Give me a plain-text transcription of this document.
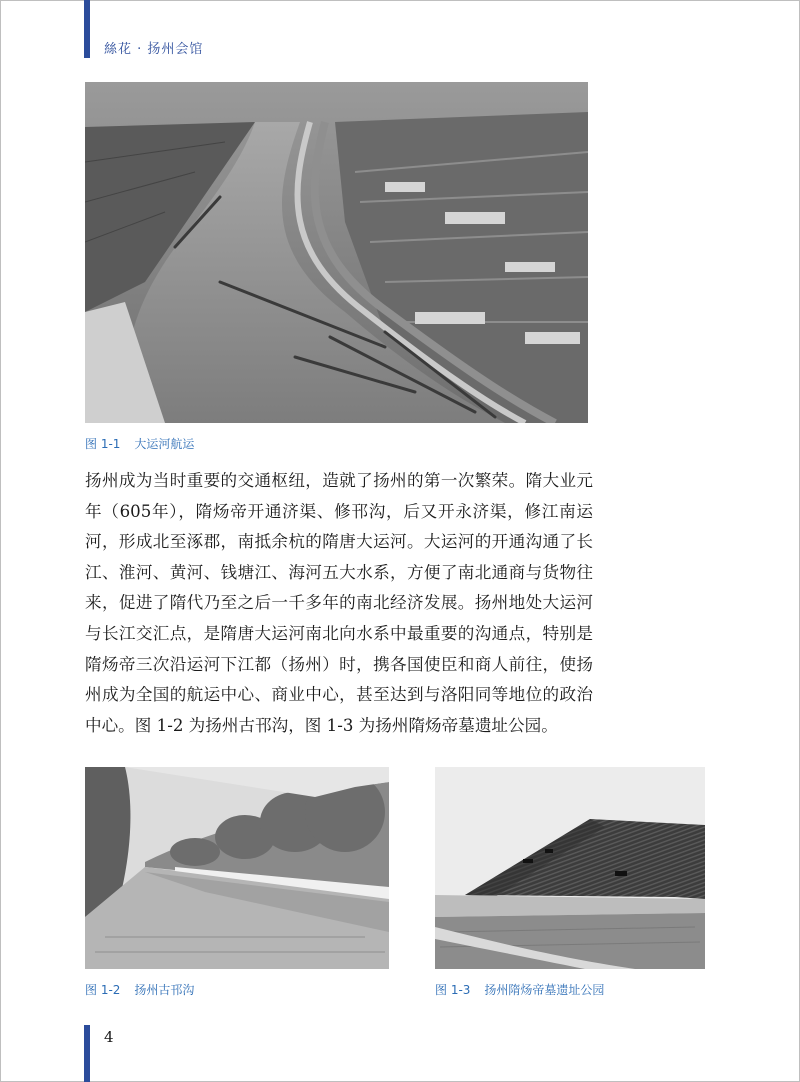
絲花 · 扬州会馆
图 1-1 大运河航运
扬州成为当时重要的交通枢纽，造就了扬州的第一次繁荣。隋大业元
年（605年），隋炀帝开通济渠、修邗沟，后又开永济渠，修江南运
河，形成北至涿郡，南抵余杭的隋唐大运河。大运河的开通沟通了长
江、淮河、黄河、钱塘江、海河五大水系，方便了南北通商与货物往
来，促进了隋代乃至之后一千多年的南北经济发展。扬州地处大运河
与长江交汇点，是隋唐大运河南北向水系中最重要的沟通点，特别是
隋炀帝三次沿运河下江都（扬州）时，携各国使臣和商人前往，使扬
州成为全国的航运中心、商业中心，甚至达到与洛阳同等地位的政治
中心。图 1-2 为扬州古邗沟，图 1-3 为扬州隋炀帝墓遗址公园。
图 1-2 扬州古邗沟	图 1-3 扬州隋炀帝墓遗址公园
4
